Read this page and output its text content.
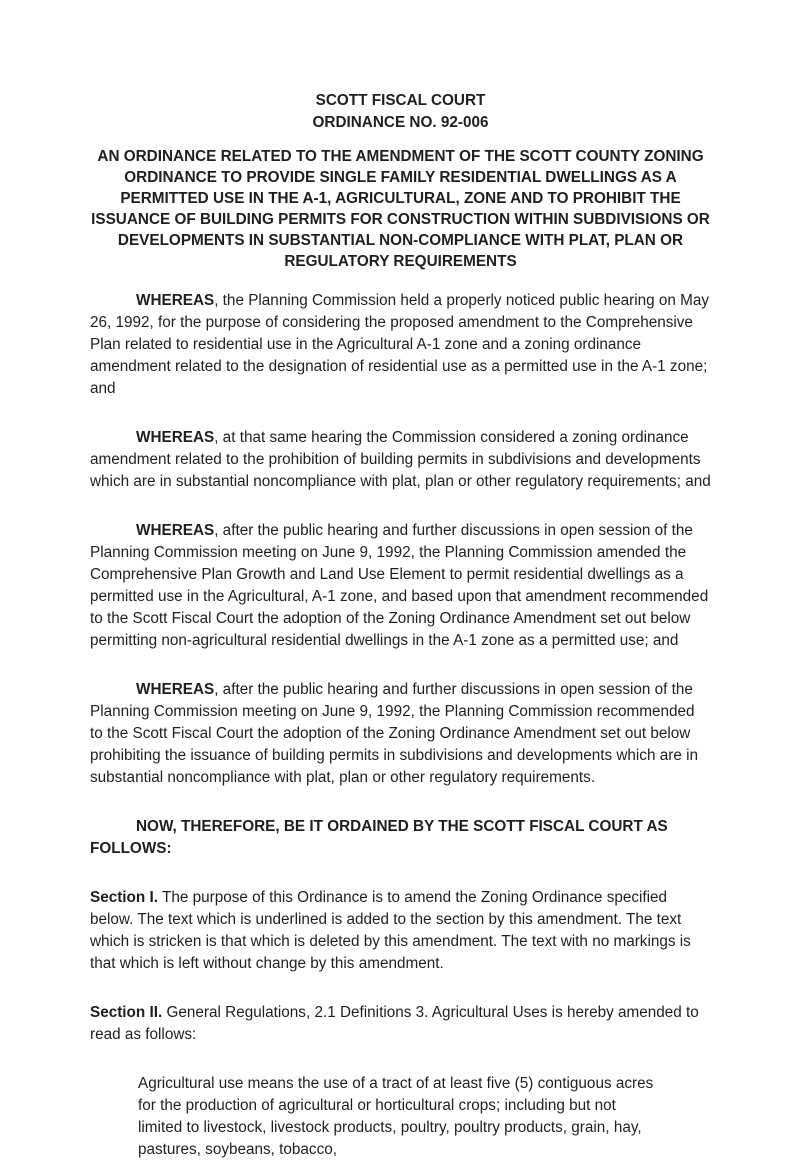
SCOTT FISCAL COURT

ORDINANCE NO. 92-006

AN ORDINANCE RELATED TO THE AMENDMENT OF THE SCOTT COUNTY ZONING ORDINANCE TO PROVIDE SINGLE FAMILY RESIDENTIAL DWELLINGS AS A PERMITTED USE IN THE A-1, AGRICULTURAL, ZONE AND TO PROHIBIT THE ISSUANCE OF BUILDING PERMITS FOR CONSTRUCTION WITHIN SUBDIVISIONS OR DEVELOPMENTS IN SUBSTANTIAL NON-COMPLIANCE WITH PLAT, PLAN OR REGULATORY REQUIREMENTS

WHEREAS, the Planning Commission held a properly noticed public hearing on May 26, 1992, for the purpose of considering the proposed amendment to the Comprehensive Plan related to residential use in the Agricultural A-1 zone and a zoning ordinance amendment related to the designation of residential use as a permitted use in the A-1 zone; and

WHEREAS, at that same hearing the Commission considered a zoning ordinance amendment related to the prohibition of building permits in subdivisions and developments which are in substantial noncompliance with plat, plan or other regulatory requirements; and

WHEREAS, after the public hearing and further discussions in open session of the Planning Commission meeting on June 9, 1992, the Planning Commission amended the Comprehensive Plan Growth and Land Use Element to permit residential dwellings as a permitted use in the Agricultural, A-1 zone, and based upon that amendment recommended to the Scott Fiscal Court the adoption of the Zoning Ordinance Amendment set out below permitting non-agricultural residential dwellings in the A-1 zone as a permitted use; and

WHEREAS, after the public hearing and further discussions in open session of the Planning Commission meeting on June 9, 1992, the Planning Commission recommended to the Scott Fiscal Court the adoption of the Zoning Ordinance Amendment set out below prohibiting the issuance of building permits in subdivisions and developments which are in substantial noncompliance with plat, plan or other regulatory requirements.

NOW, THEREFORE, BE IT ORDAINED BY THE SCOTT FISCAL COURT AS FOLLOWS:

Section I. The purpose of this Ordinance is to amend the Zoning Ordinance specified below. The text which is underlined is added to the section by this amendment. The text which is stricken is that which is deleted by this amendment. The text with no markings is that which is left without change by this amendment.

Section II. General Regulations, 2.1 Definitions 3. Agricultural Uses is hereby amended to read as follows:

Agricultural use means the use of a tract of at least five (5) contiguous acres for the production of agricultural or horticultural crops; including but not limited to livestock, livestock products, poultry, poultry products, grain, hay, pastures, soybeans, tobacco,
